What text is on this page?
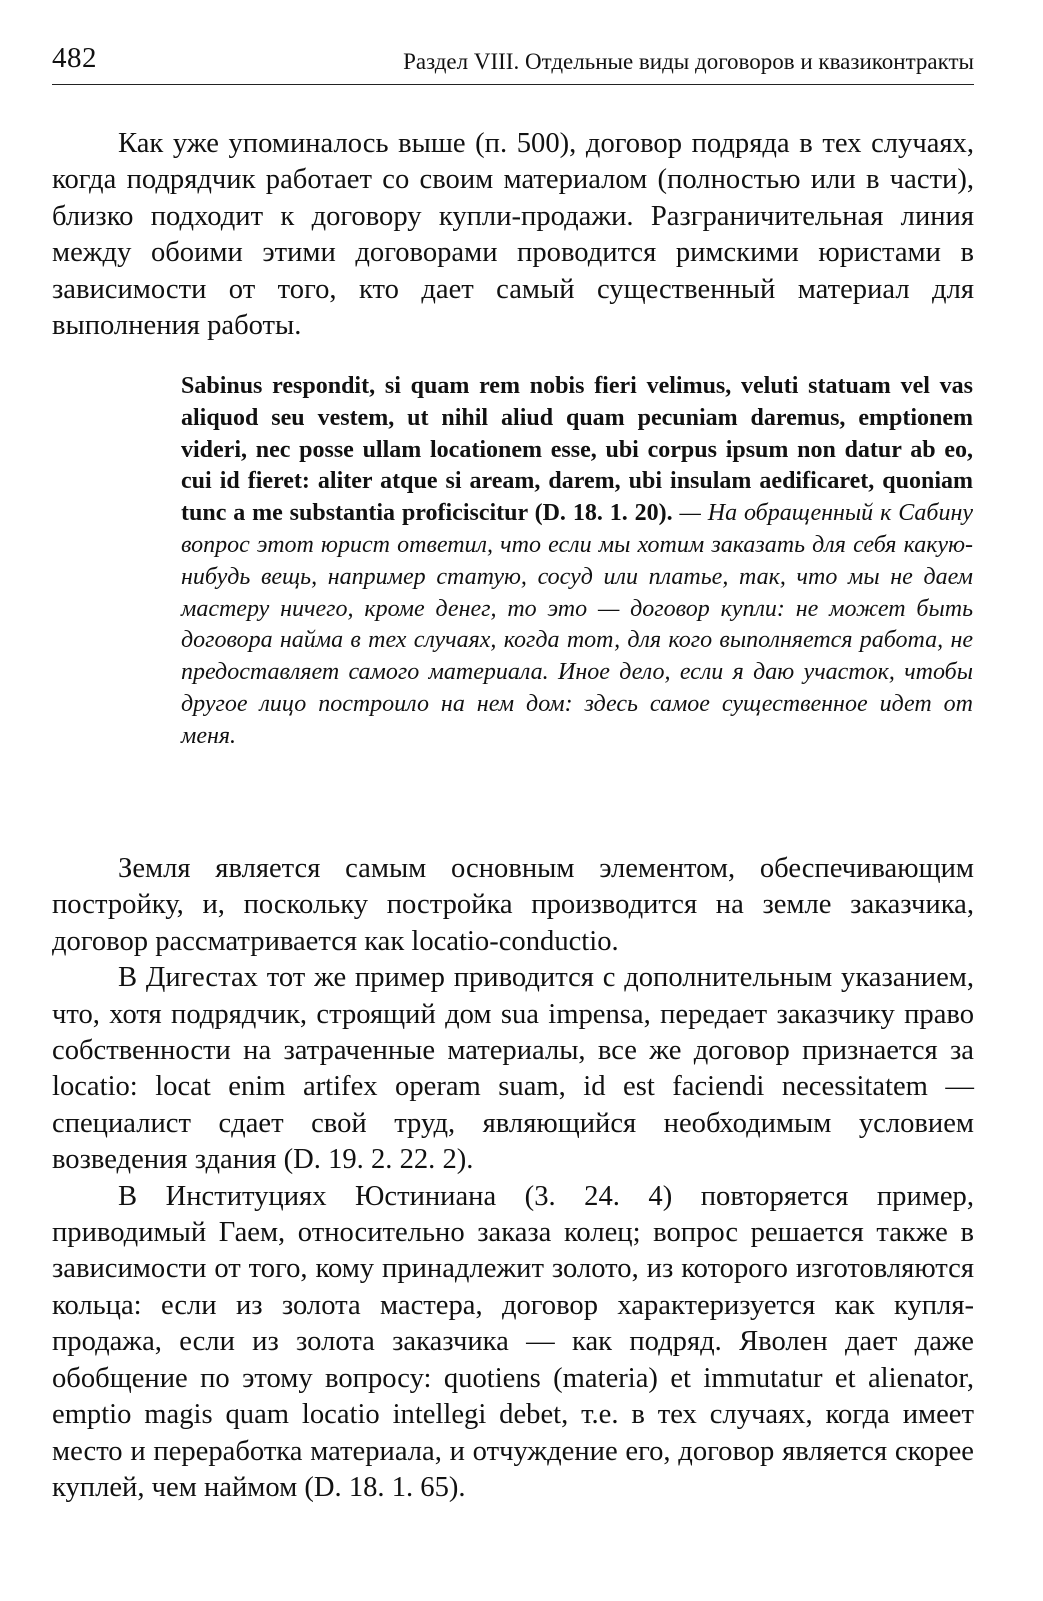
482	Раздел VIII. Отдельные виды договоров и квазиконтракты

Как уже упоминалось выше (п. 500), договор подряда в тех случаях, когда подрядчик работает со своим материалом (полностью или в части), близко подходит к договору купли-продажи. Разграничительная линия между обоими этими договорами проводится римскими юристами в зависимости от того, кто дает самый существенный материал для выполнения работы.

Sabinus respondit, si quam rem nobis fieri velimus, veluti statuam vel vas aliquod seu vestem, ut nihil aliud quam pecuniam daremus, emptionem videri, nec posse ullam locationem esse, ubi corpus ipsum non datur ab eo, cui id fieret: aliter atque si aream, darem, ubi insulam aedificaret, quoniam tunc a me substantia proficiscitur (D. 18. 1. 20). — На обращенный к Сабину вопрос этот юрист ответил, что если мы хотим заказать для себя какую-нибудь вещь, например статую, сосуд или платье, так, что мы не даем мастеру ничего, кроме денег, то это — договор купли: не может быть договора найма в тех случаях, когда тот, для кого выполняется работа, не предоставляет самого материала. Иное дело, если я даю участок, чтобы другое лицо построило на нем дом: здесь самое существенное идет от меня.

Земля является самым основным элементом, обеспечивающим постройку, и, поскольку постройка производится на земле заказчика, договор рассматривается как locatio-conductio.

В Дигестах тот же пример приводится с дополнительным указанием, что, хотя подрядчик, строящий дом sua impensa, передает заказчику право собственности на затраченные материалы, все же договор признается за locatio: locat enim artifex operam suam, id est faciendi necessitatem — специалист сдает свой труд, являющийся необходимым условием возведения здания (D. 19. 2. 22. 2).

В Институциях Юстиниана (3. 24. 4) повторяется пример, приводимый Гаем, относительно заказа колец; вопрос решается также в зависимости от того, кому принадлежит золото, из которого изготовляются кольца: если из золота мастера, договор характеризуется как купля-продажа, если из золота заказчика — как подряд. Яволен дает даже обобщение по этому вопросу: quotiens (materia) et immutatur et alienator, emptio magis quam locatio intellegi debet, т.е. в тех случаях, когда имеет место и переработка материала, и отчуждение его, договор является скорее куплей, чем наймом (D. 18. 1. 65).
